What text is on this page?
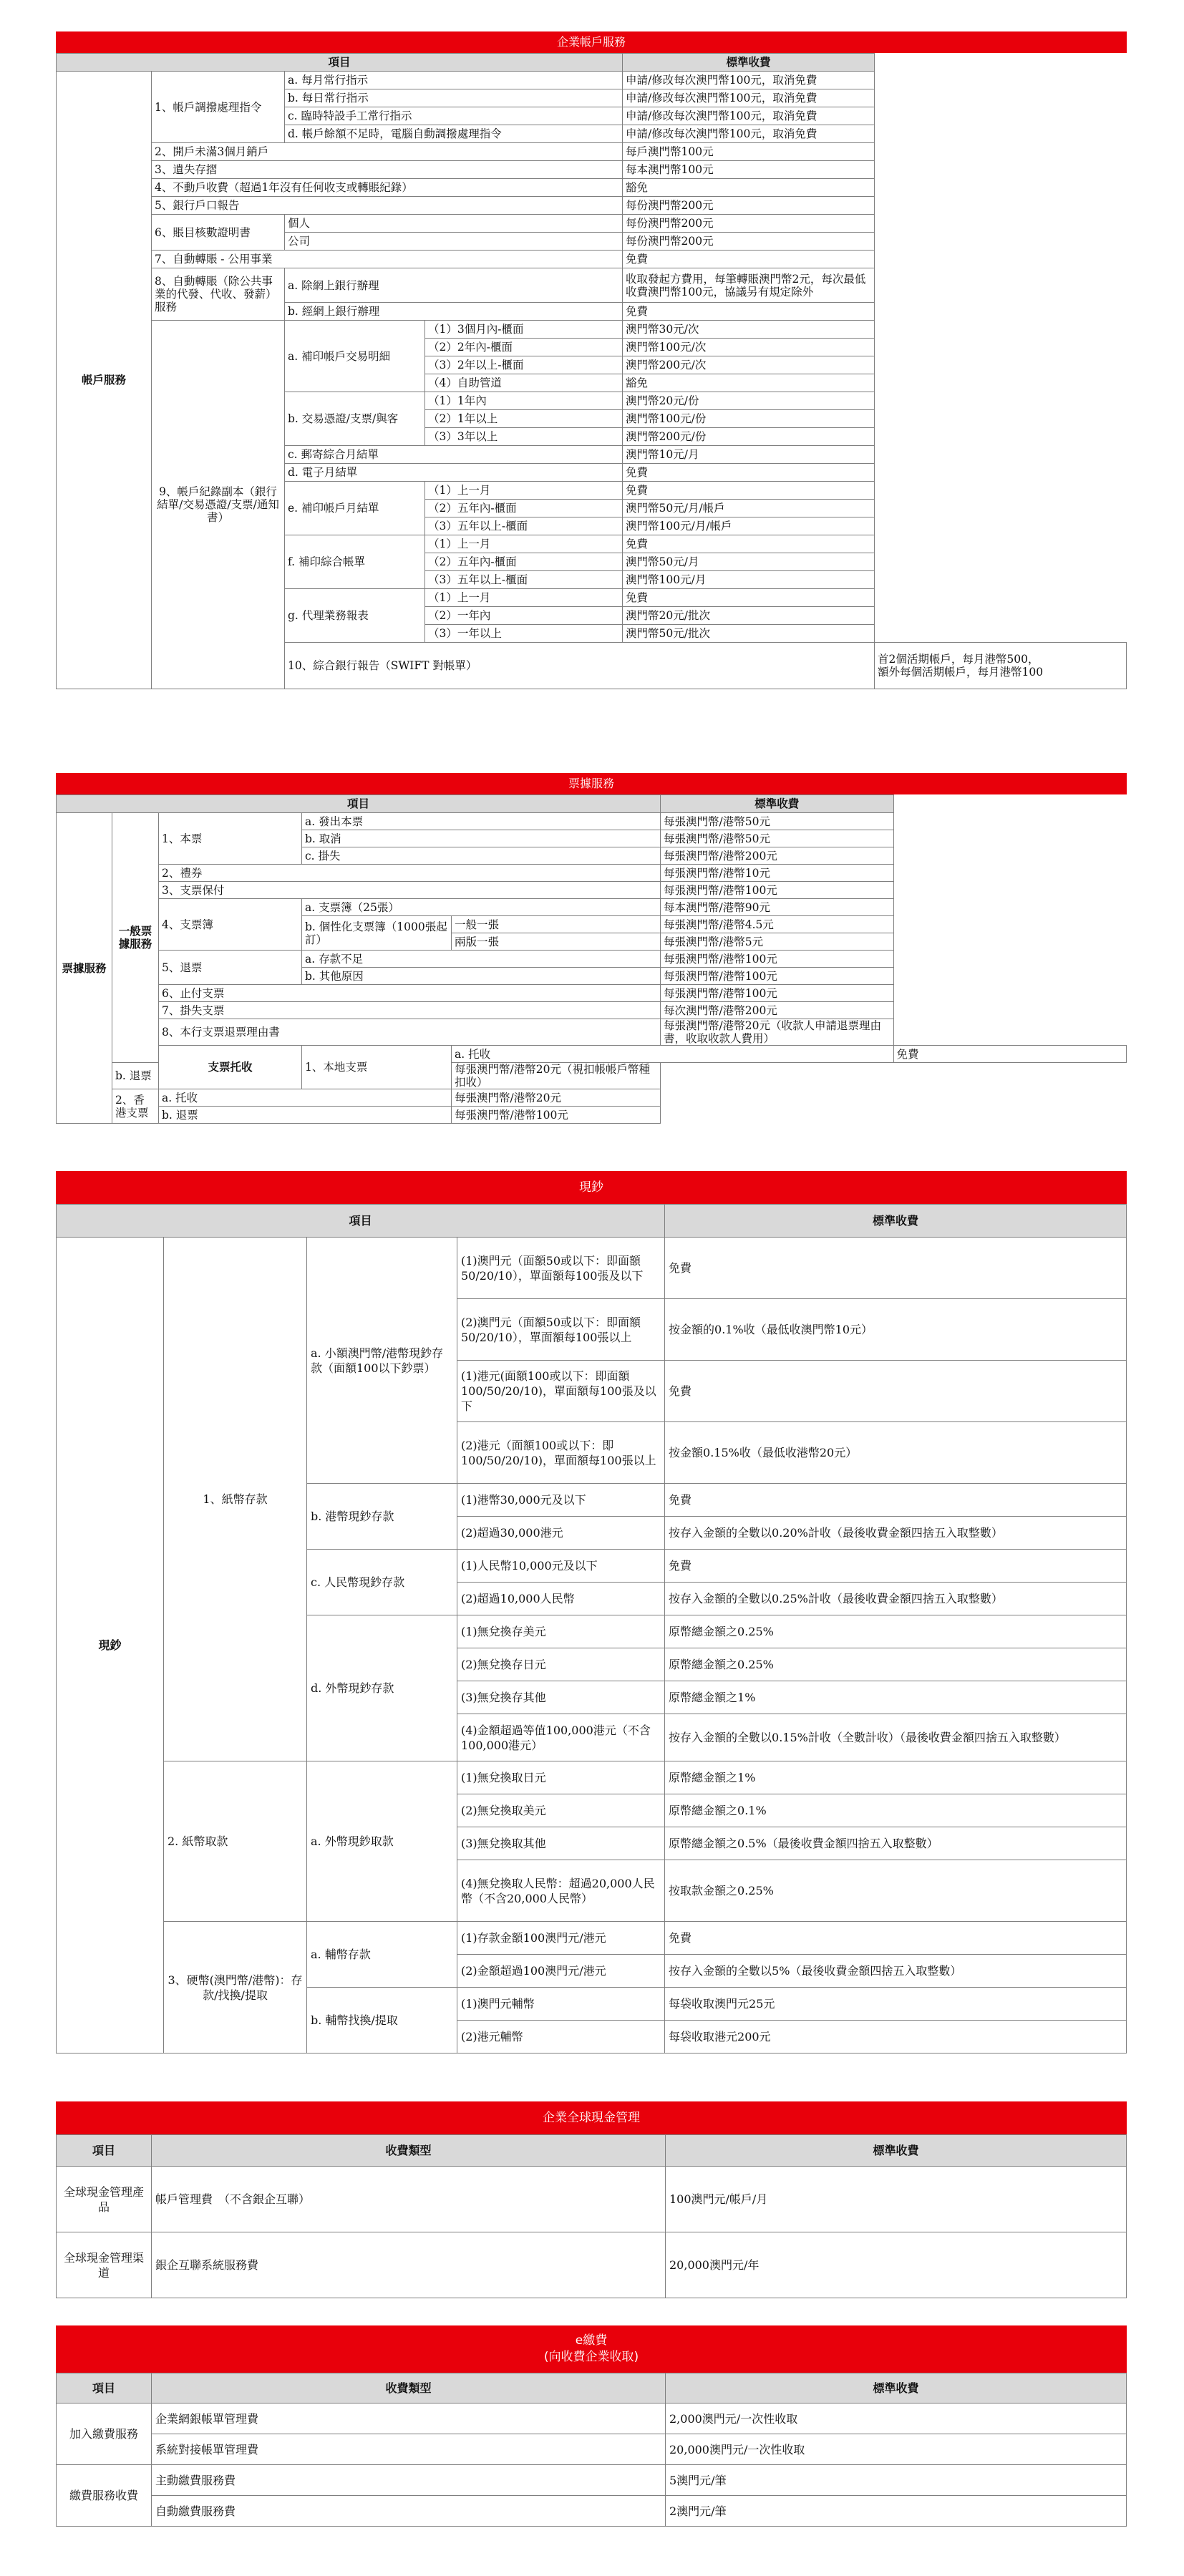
企業帳戶服務
項目				標準收費	
帳戶服務	1、帳戶調撥處理指令	a. 每月常行指示		申請/修改每次澳門幣100元，取消免費	
		b. 每日常行指示		申請/修改每次澳門幣100元，取消免費	
		c. 臨時特設手工常行指示		申請/修改每次澳門幣100元，取消免費	
		d. 帳戶餘額不足時，電腦自動調撥處理指令		申請/修改每次澳門幣100元，取消免費	
	2、開戶未滿3個月銷戶			每戶澳門幣100元	
	3、遺失存摺			每本澳門幣100元	
	4、不動戶收費（超過1年沒有任何收支或轉賬紀錄）			豁免	
	5、銀行戶口報告			每份澳門幣200元	
	6、賬目核數證明書	個人		每份澳門幣200元	
		公司		每份澳門幣200元	
	7、自動轉賬 - 公用事業			免費	
	8、自動轉賬（除公共事業的代發、代收、發薪）服務	a. 除網上銀行辦理		收取發起方費用，每筆轉賬澳門幣2元，每次最低收費澳門幣100元，協議另有規定除外	
		b. 經網上銀行辦理		免費	
	9、帳戶紀錄副本（銀行結單/交易憑證/支票/通知書）	a. 補印帳戶交易明細	（1）3個月內-櫃面	澳門幣30元/次	
			（2）2年內-櫃面	澳門幣100元/次	
			（3）2年以上-櫃面	澳門幣200元/次	
			（4）自助管道	豁免	
		b. 交易憑證/支票/與客	（1）1年內	澳門幣20元/份	
			（2）1年以上	澳門幣100元/份	
			（3）3年以上	澳門幣200元/份	
		c. 郵寄綜合月結單		澳門幣10元/月	
		d. 電子月結單		免費	
		e. 補印帳戶月結單	（1）上一月	免費	
			（2）五年內-櫃面	澳門幣50元/月/帳戶	
			（3）五年以上-櫃面	澳門幣100元/月/帳戶	
		f. 補印綜合帳單	（1）上一月	免費	
			（2）五年內-櫃面	澳門幣50元/月	
			（3）五年以上-櫃面	澳門幣100元/月	
		g. 代理業務報表	（1）上一月	免費	
			（2）一年內	澳門幣20元/批次	
			（3）一年以上	澳門幣50元/批次	
		10、綜合銀行報告（SWIFT 對帳單）			首2個活期帳戶，每月港幣500，
額外每個活期帳戶，每月港幣100
票據服務
項目					標準收費	
票據服務	一般票據服務	1、本票	a. 發出本票		每張澳門幣/港幣50元	
			b. 取消		每張澳門幣/港幣50元	
			c. 掛失		每張澳門幣/港幣200元	
		2、禮券			每張澳門幣/港幣10元	
		3、支票保付			每張澳門幣/港幣100元	
		4、支票簿	a. 支票簿（25張）		每本澳門幣/港幣90元	
			b. 個性化支票簿（1000張起訂）	一般一張	每張澳門幣/港幣4.5元	
				兩版一張	每張澳門幣/港幣5元	
		5、退票	a. 存款不足		每張澳門幣/港幣100元	
			b. 其他原因		每張澳門幣/港幣100元	
		6、止付支票			每張澳門幣/港幣100元	
		7、掛失支票			每次澳門幣/港幣200元	
		8、本行支票退票理由書			每張澳門幣/港幣20元（收款人申請退票理由書，收取收款人費用）	
		支票托收	1、本地支票	a. 托收		免費
	b. 退票			每張澳門幣/港幣20元（視扣帳帳戶幣種扣收）		
	2、香港支票	a. 托收		每張澳門幣/港幣20元		
		b. 退票		每張澳門幣/港幣100元		
現鈔
項目				標準收費
現鈔	1、紙幣存款	a. 小額澳門幣/港幣現鈔存款（面額100以下鈔票）	(1)澳門元（面額50或以下：即面額50/20/10），單面額每100張及以下	免費
			(2)澳門元（面額50或以下：即面額50/20/10），單面額每100張以上	按金額的0.1%收（最低收澳門幣10元）
			(1)港元(面額100或以下：即面額100/50/20/10)，單面額每100張及以下	免費
			(2)港元（面額100或以下：即100/50/20/10)，單面額每100張以上	按金額0.15%收（最低收港幣20元）
		b. 港幣現鈔存款	(1)港幣30,000元及以下	免費
			(2)超過30,000港元	按存入金額的全數以0.20%計收（最後收費金額四捨五入取整數）
		c. 人民幣現鈔存款	(1)人民幣10,000元及以下	免費
			(2)超過10,000人民幣	按存入金額的全數以0.25%計收（最後收費金額四捨五入取整數）
		d. 外幣現鈔存款	(1)無兌換存美元	原幣總金額之0.25%
			(2)無兌換存日元	原幣總金額之0.25%
			(3)無兌換存其他	原幣總金額之1%
			(4)金額超過等值100,000港元（不含100,000港元）	按存入金額的全數以0.15%計收（全數計收）（最後收費金額四捨五入取整數）
	2. 紙幣取款	a. 外幣現鈔取款	(1)無兌換取日元	原幣總金額之1%
			(2)無兌換取美元	原幣總金額之0.1%
			(3)無兌換取其他	原幣總金額之0.5%（最後收費金額四捨五入取整數）
			(4)無兌換取人民幣：超過20,000人民幣（不含20,000人民幣）	按取款金額之0.25%
	3、硬幣(澳門幣/港幣)：存款/找換/提取	a. 輔幣存款	(1)存款金額100澳門元/港元	免費
			(2)金額超過100澳門元/港元	按存入金額的全數以5%（最後收費金額四捨五入取整數）
		b. 輔幣找換/提取	(1)澳門元輔幣	每袋收取澳門元25元
			(2)港元輔幣	每袋收取港元200元
企業全球現金管理
項目	收費類型	標準收費
全球現金管理產品	帳戶管理費　（不含銀企互聯）	100澳門元/帳戶/月
全球現金管理渠道	銀企互聯系統服務費	20,000澳門元/年
e繳費
(向收費企業收取)
項目	收費類型	標準收費
加入繳費服務	企業網銀帳單管理費	2,000澳門元/一次性收取
	系統對接帳單管理費	20,000澳門元/一次性收取
繳費服務收費	主動繳費服務費	5澳門元/筆
	自動繳費服務費	2澳門元/筆
